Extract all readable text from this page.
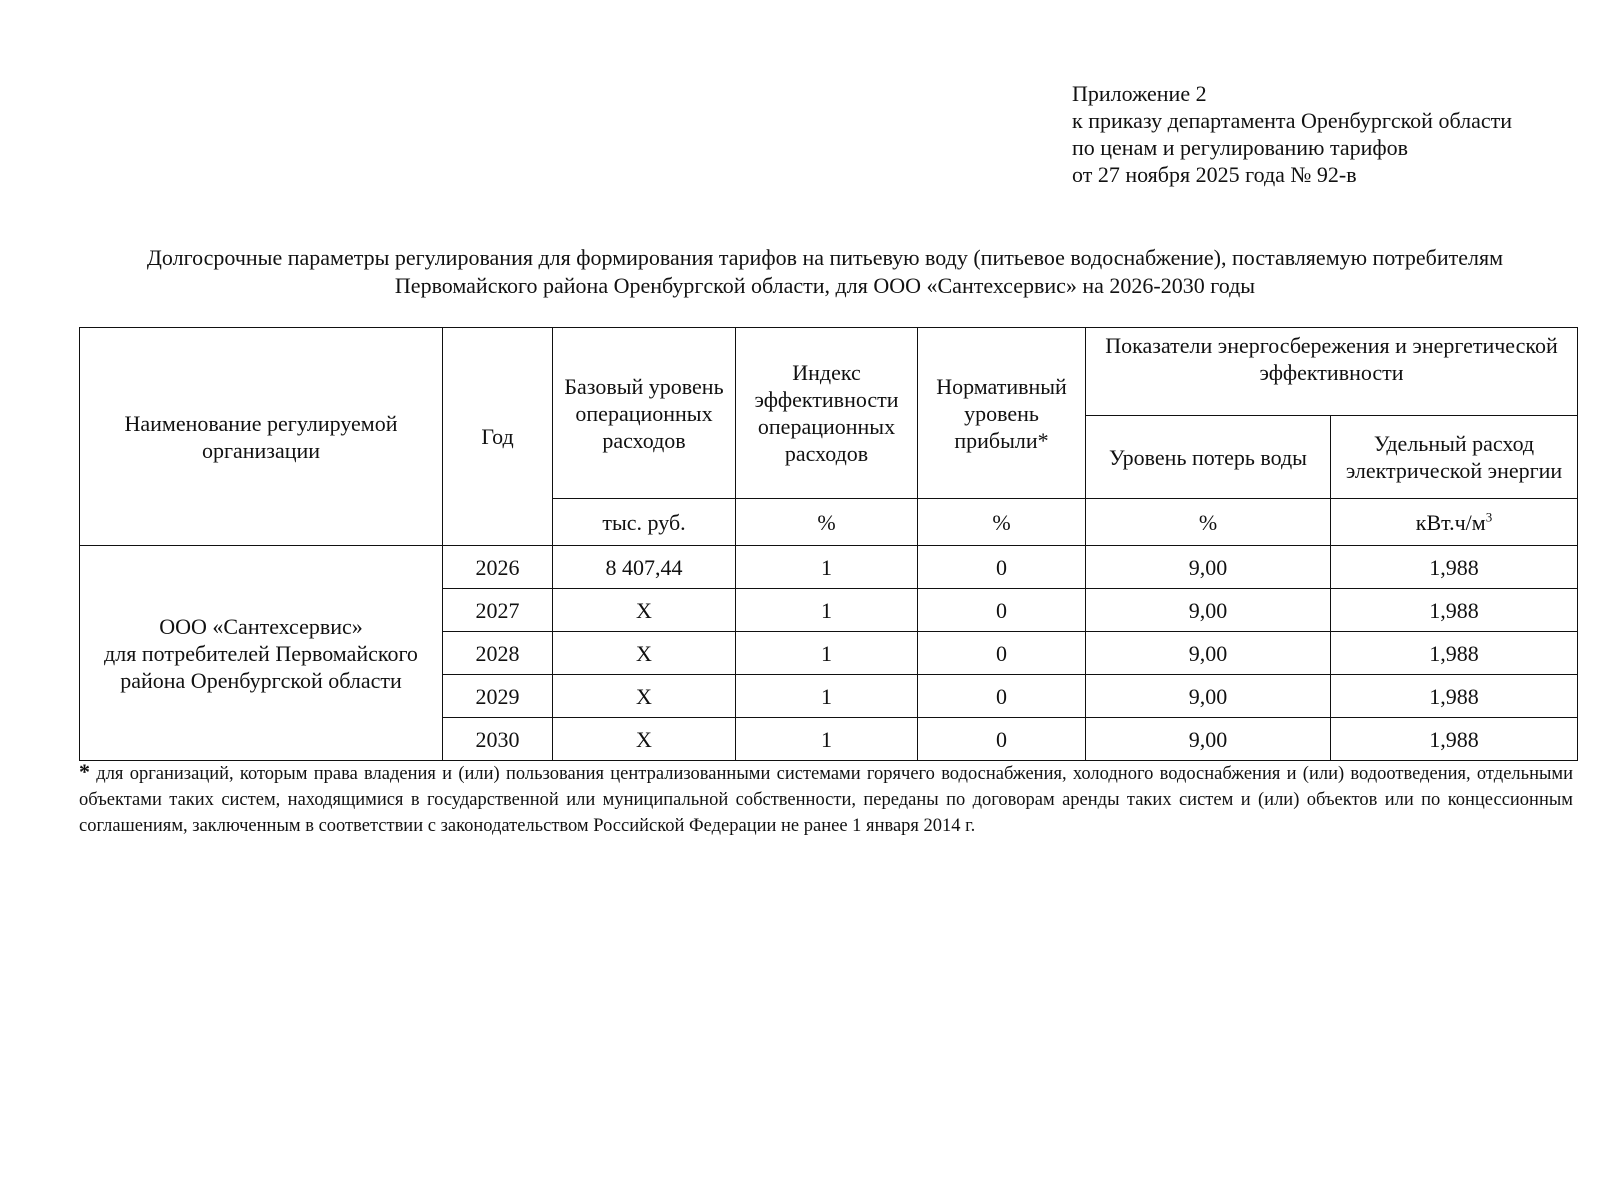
Приложение 2
к приказу департамента Оренбургской области
по ценам и регулированию тарифов
от 27 ноября 2025 года № 92-в
Долгосрочные параметры регулирования для формирования тарифов на питьевую воду (питьевое водоснабжение), поставляемую потребителям
Первомайского района Оренбургской области, для ООО «Сантехсервис» на 2026-2030 годы
Наименование регулируемой организации	Год	Базовый уровень операционных расходов	Индекс эффективности операционных расходов	Нормативный уровень прибыли*	Показатели энергосбережения и энергетической эффективности	
					Уровень потерь воды	Удельный расход электрической энергии
		тыс. руб.	%	%	%	$кВт.ч/м^3$

ООО «Сантехсервис»
для потребителей Первомайского
района Оренбургской области	2026	8 407,44	1	0	9,00	1,988
	2027	Х	1	0	9,00	1,988
	2028	Х	1	0	9,00	1,988
	2029	Х	1	0	9,00	1,988
	2030	Х	1	0	9,00	1,988
* для организаций, которым права владения и (или) пользования централизованными системами горячего водоснабжения, холодного водоснабжения и (или) водоотведения, отдельными объектами таких систем, находящимися в государственной или муниципальной собственности, переданы по договорам аренды таких систем и (или) объектов или по концессионным соглашениям, заключенным в соответствии с законодательством Российской Федерации не ранее 1 января 2014 г.
